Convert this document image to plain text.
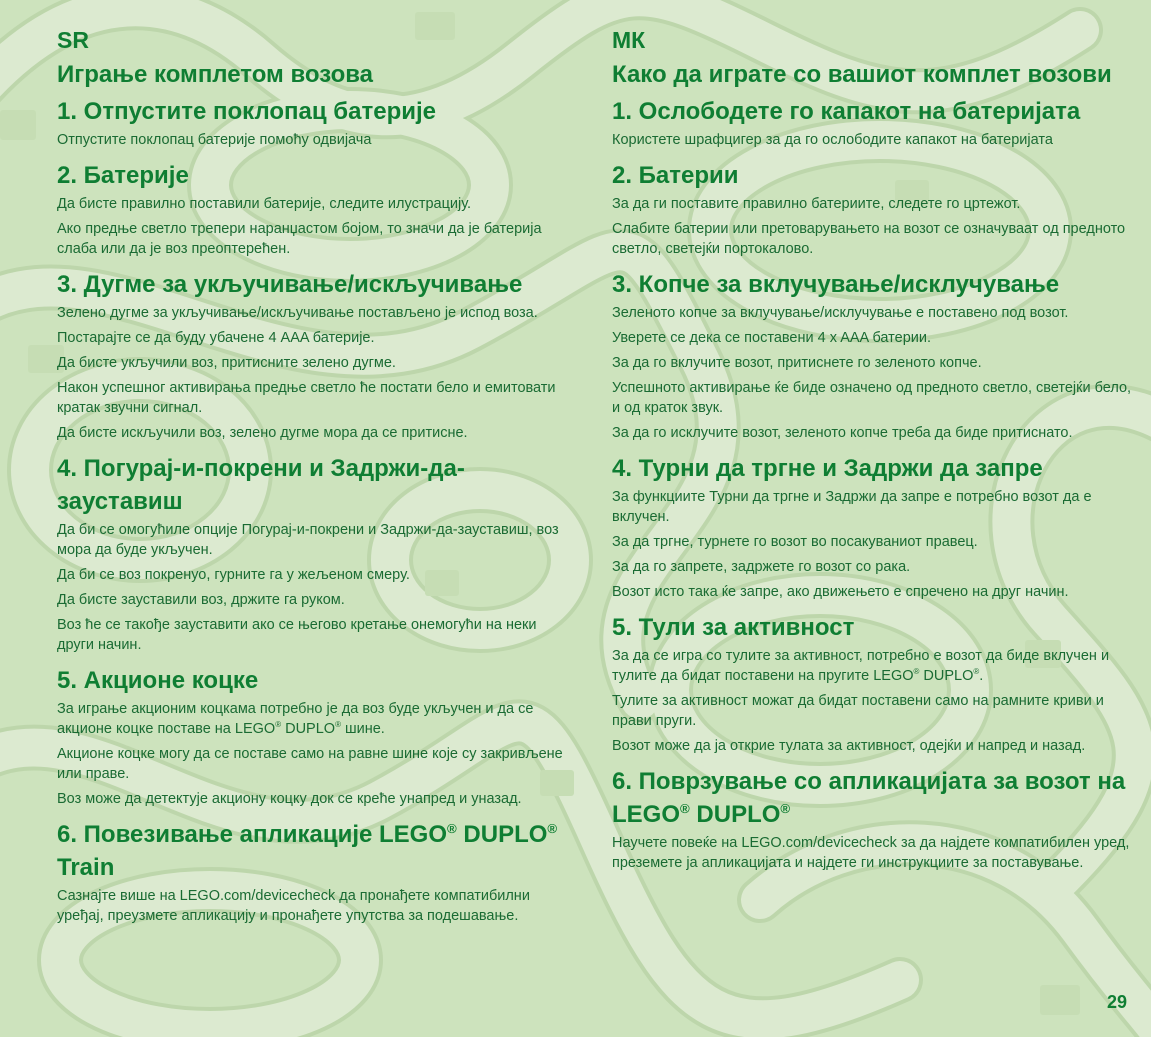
SR
Играње комплетом возова
1. Отпустите поклопац батерије

Отпустите поклопац батерије помоћу одвијача

2. Батерије

Да бисте правилно поставили батерије, следите илустрацију.

Ако предње светло трепери наранџастом бојом, то значи да је батерија слаба или да је воз преоптерећен.

3. Дугме за укључивање/искључивање

Зелено дугме за укључивање/искључивање постављено је испод воза.

Постарајте се да буду убачене 4 AAA батерије.

Да бисте укључили воз, притисните зелено дугме.

Након успешног активирања предње светло ће постати бело и емитовати кратак звучни сигнал.

Да бисте искључили воз, зелено дугме мора да се притисне.

4. Погурај-и-покрени и Задржи-да-зауставиш

Да би се омогућиле опције Погурај-и-покрени и Задржи-да-зауставиш, воз мора да буде укључен.

Да би се воз покренуо, гурните га у жељеном смеру.

Да бисте зауставили воз, држите га руком.

Воз ће се такође зауставити ако се његово кретање онемогући на неки други начин.

5. Акционе коцке

За играње акционим коцкама потребно је да воз буде укључен и да се акционе коцке поставе на LEGO® DUPLO® шине.

Акционе коцке могу да се поставе само на равне шине које су закривљене или праве.

Воз може да детектује акциону коцку док се креће унапред и уназад.

6. Повезивање апликације LEGO® DUPLO® Train

Сазнајте више на LEGO.com/devicecheck да пронађете компатибилни уређај, преузмете апликацију и пронађете упутства за подешавање.

МК
Како да играте со вашиот комплет возови
1. Ослободете го капакот на батеријата

Користете шрафцигер за да го ослободите капакот на батеријата

2. Батерии

За да ги поставите правилно батериите, следете го цртежот.

Слабите батерии или претоварувањето на возот се означуваат од предното светло, светејќи портокалово.

3. Копче за вклучување/исклучување

Зеленото копче за вклучување/исклучување е поставено под возот.

Уверете се дека се поставени 4 x AAA батерии.

За да го вклучите возот, притиснете го зеленото копче.

Успешното активирање ќе биде означено од предното светло, светејќи бело, и од краток звук.

За да го исклучите возот, зеленото копче треба да биде притиснато.

4. Турни да тргне и Задржи да запре

За функциите Турни да тргне и Задржи да запре е потребно возот да е вклучен.

За да тргне, турнете го возот во посакуваниот правец.

За да го запрете, задржете го возот со рака.

Возот исто така ќе запре, ако движењето е спречено на друг начин.

5. Тули за активност

За да се игра со тулите за активност, потребно е возот да биде вклучен и тулите да бидат поставени на пругите LEGO® DUPLO®.

Тулите за активност можат да бидат поставени само на рамните криви и прави пруги.

Возот може да ја открие тулата за активност, одејќи и напред и назад.

6. Поврзување со апликацијата за возот на LEGO® DUPLO®

Научете повеќе на LEGO.com/devicecheck за да најдете компатибилен уред, преземете ја апликацијата и најдете ги инструкциите за поставување.

29
